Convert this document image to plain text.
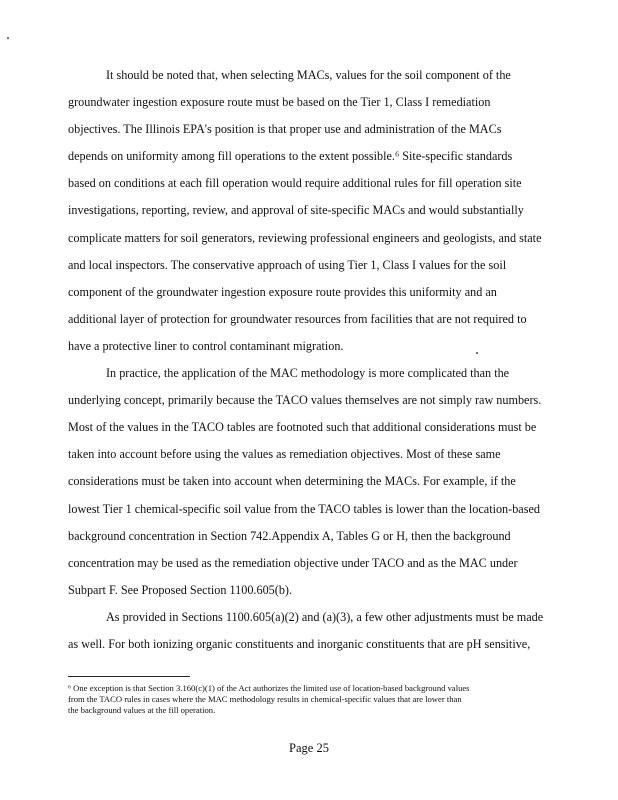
It should be noted that, when selecting MACs, values for the soil component of the
groundwater ingestion exposure route must be based on the Tier 1, Class I remediation
objectives. The Illinois EPA's position is that proper use and administration of the MACs
depends on uniformity among fill operations to the extent possible.⁶ Site-specific standards
based on conditions at each fill operation would require additional rules for fill operation site
investigations, reporting, review, and approval of site-specific MACs and would substantially
complicate matters for soil generators, reviewing professional engineers and geologists, and state
and local inspectors. The conservative approach of using Tier 1, Class I values for the soil
component of the groundwater ingestion exposure route provides this uniformity and an
additional layer of protection for groundwater resources from facilities that are not required to
have a protective liner to control contaminant migration.
In practice, the application of the MAC methodology is more complicated than the
underlying concept, primarily because the TACO values themselves are not simply raw numbers.
Most of the values in the TACO tables are footnoted such that additional considerations must be
taken into account before using the values as remediation objectives. Most of these same
considerations must be taken into account when determining the MACs. For example, if the
lowest Tier 1 chemical-specific soil value from the TACO tables is lower than the location-based
background concentration in Section 742.Appendix A, Tables G or H, then the background
concentration may be used as the remediation objective under TACO and as the MAC under
Subpart F. See Proposed Section 1100.605(b).
As provided in Sections 1100.605(a)(2) and (a)(3), a few other adjustments must be made
as well. For both ionizing organic constituents and inorganic constituents that are pH sensitive,
⁶ One exception is that Section 3.160(c)(1) of the Act authorizes the limited use of location-based background values
from the TACO rules in cases where the MAC methodology results in chemical-specific values that are lower than
the background values at the fill operation.
Page 25
